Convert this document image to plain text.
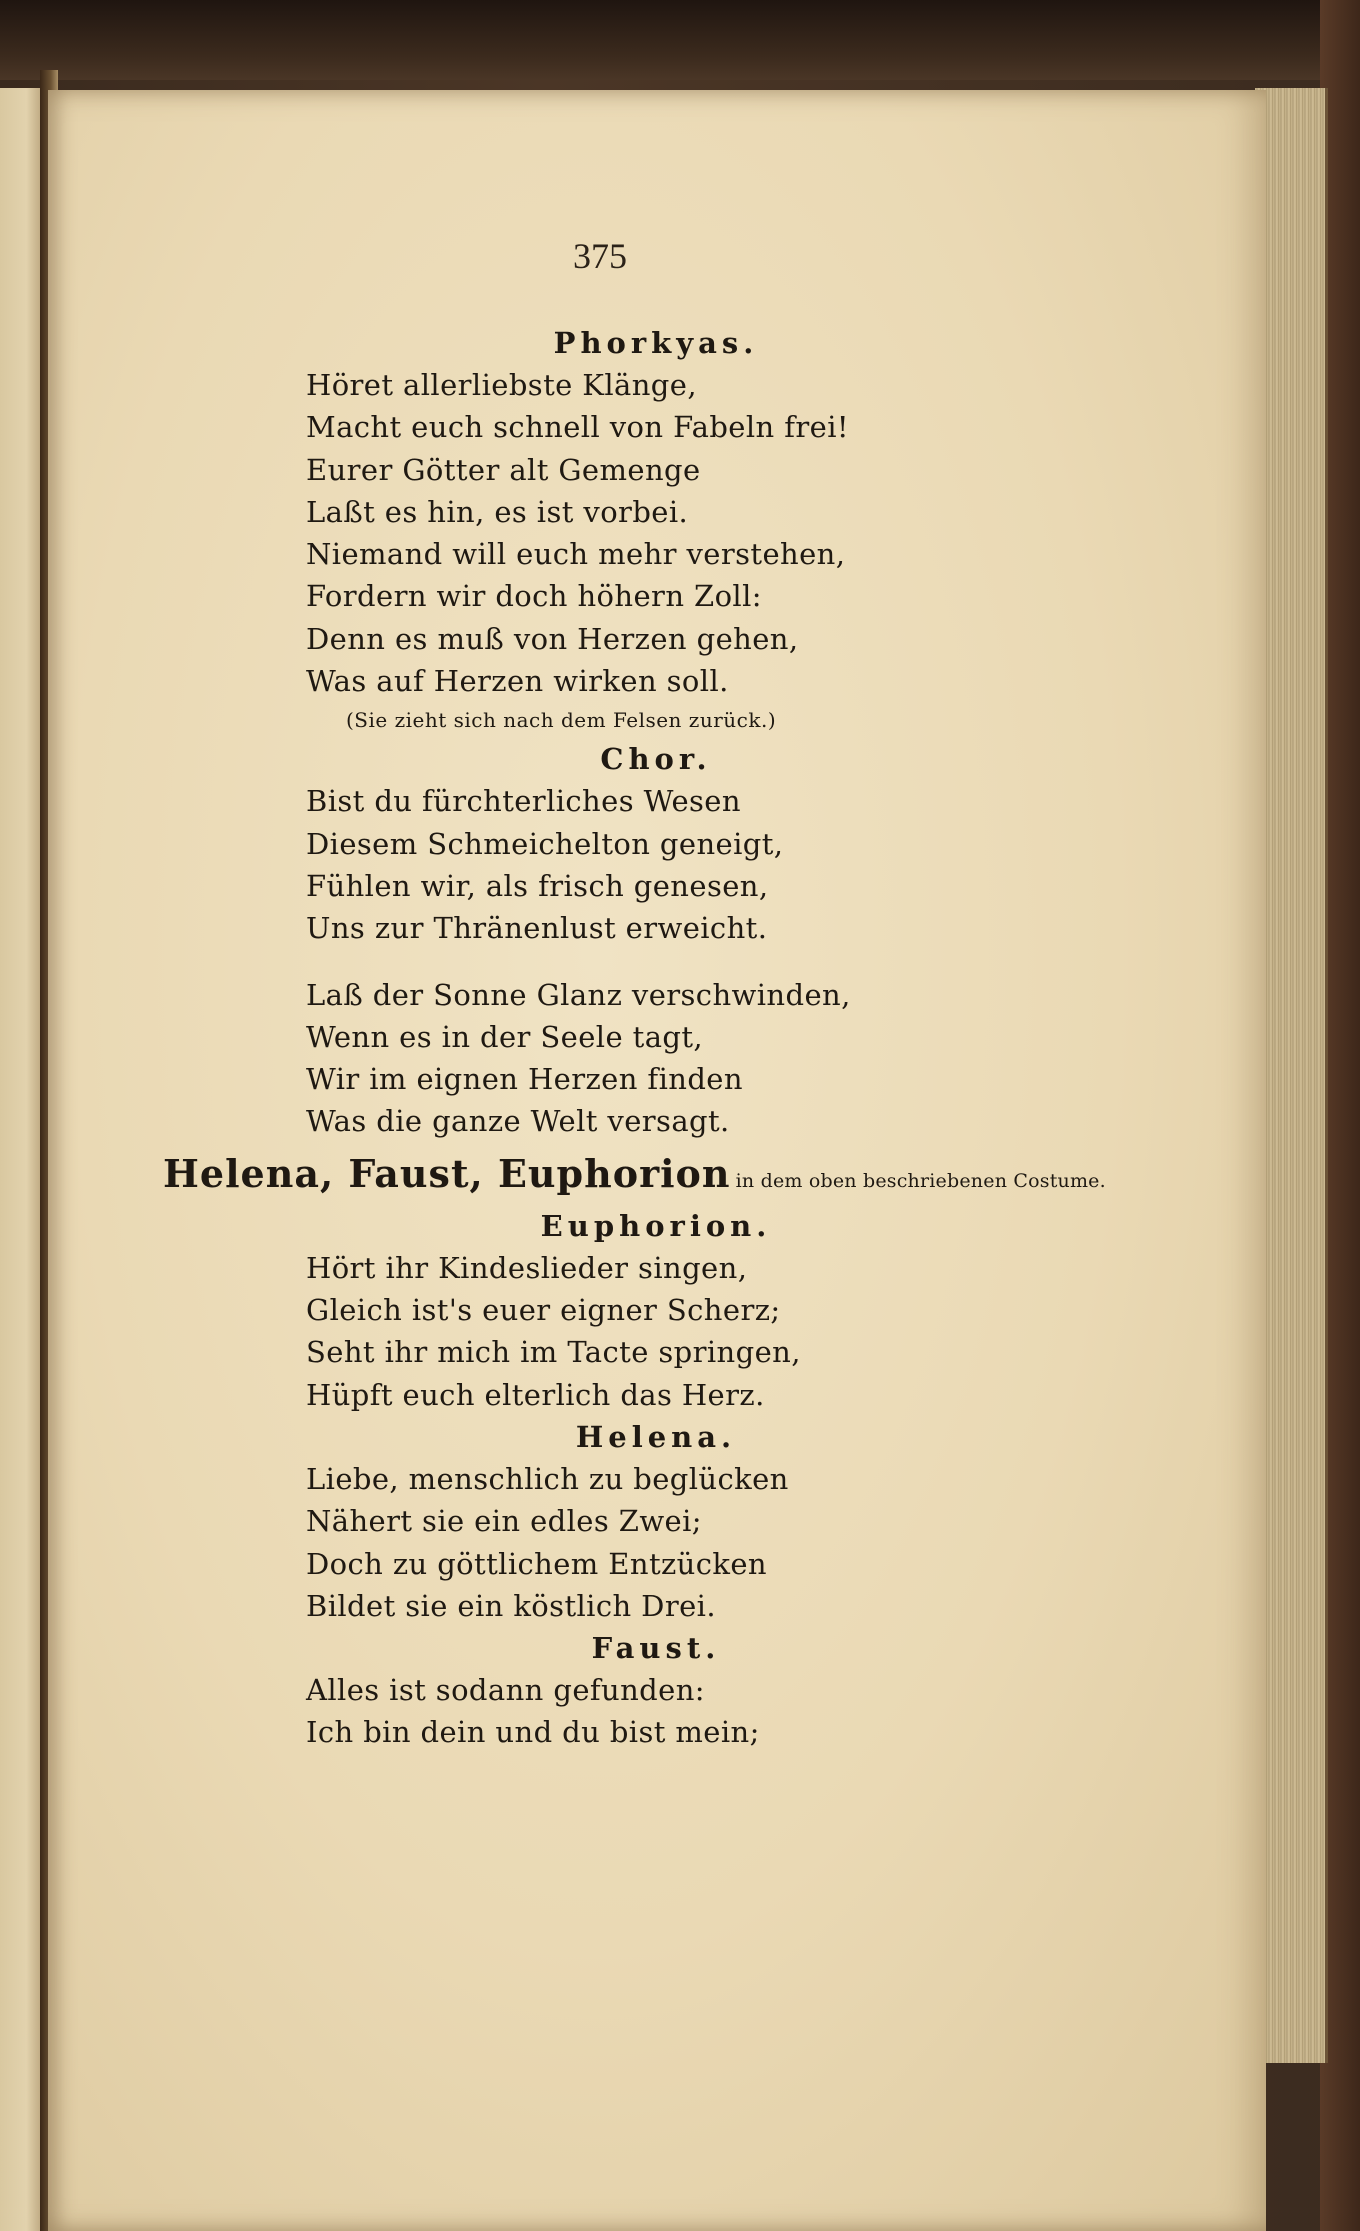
375
Phorkyas.
Höret allerliebste Klänge,
Macht euch schnell von Fabeln frei!
Eurer Götter alt Gemenge
Laßt es hin, es ist vorbei.
Niemand will euch mehr verstehen,
Fordern wir doch höhern Zoll:
Denn es muß von Herzen gehen,
Was auf Herzen wirken soll.
(Sie zieht sich nach dem Felsen zurück.)
Chor.
Bist du fürchterliches Wesen
Diesem Schmeichelton geneigt,
Fühlen wir, als frisch genesen,
Uns zur Thränenlust erweicht.
Laß der Sonne Glanz verschwinden,
Wenn es in der Seele tagt,
Wir im eignen Herzen finden
Was die ganze Welt versagt.
Helena, Faust, Euphorion in dem oben beschriebenen Costume.
Euphorion.
Hört ihr Kindeslieder singen,
Gleich ist's euer eigner Scherz;
Seht ihr mich im Tacte springen,
Hüpft euch elterlich das Herz.
Helena.
Liebe, menschlich zu beglücken
Nähert sie ein edles Zwei;
Doch zu göttlichem Entzücken
Bildet sie ein köstlich Drei.
Faust.
Alles ist sodann gefunden:
Ich bin dein und du bist mein;
